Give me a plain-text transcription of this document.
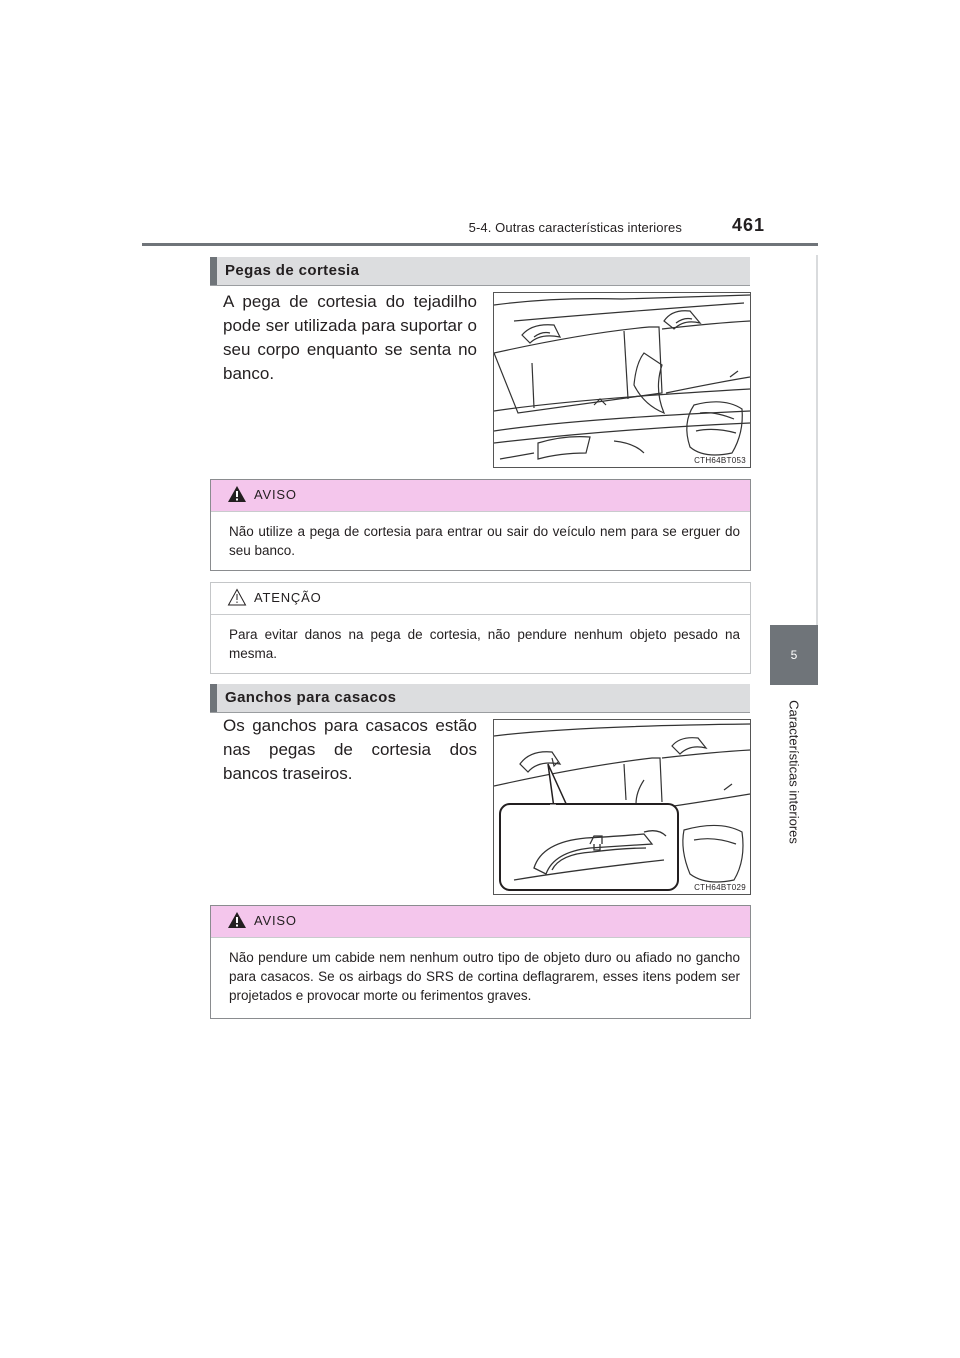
5-4. Outras características interiores	461
5
Características interiores
Pegas de cortesia
A pega de cortesia do tejadilho pode ser utilizada para suportar o seu corpo enquanto se senta no banco.
CTH64BT053
AVISO
Não utilize a pega de cortesia para entrar ou sair do veículo nem para se erguer do seu banco.
ATENÇÃO
Para evitar danos na pega de cortesia, não pendure nenhum objeto pesado na mesma.
Ganchos para casacos
Os ganchos para casacos estão nas pegas de cortesia dos bancos traseiros.
CTH64BT029
AVISO
Não pendure um cabide nem nenhum outro tipo de objeto duro ou afiado no gancho para casacos. Se os airbags do SRS de cortina deflagrarem, esses itens podem ser projetados e provocar morte ou ferimentos graves.
